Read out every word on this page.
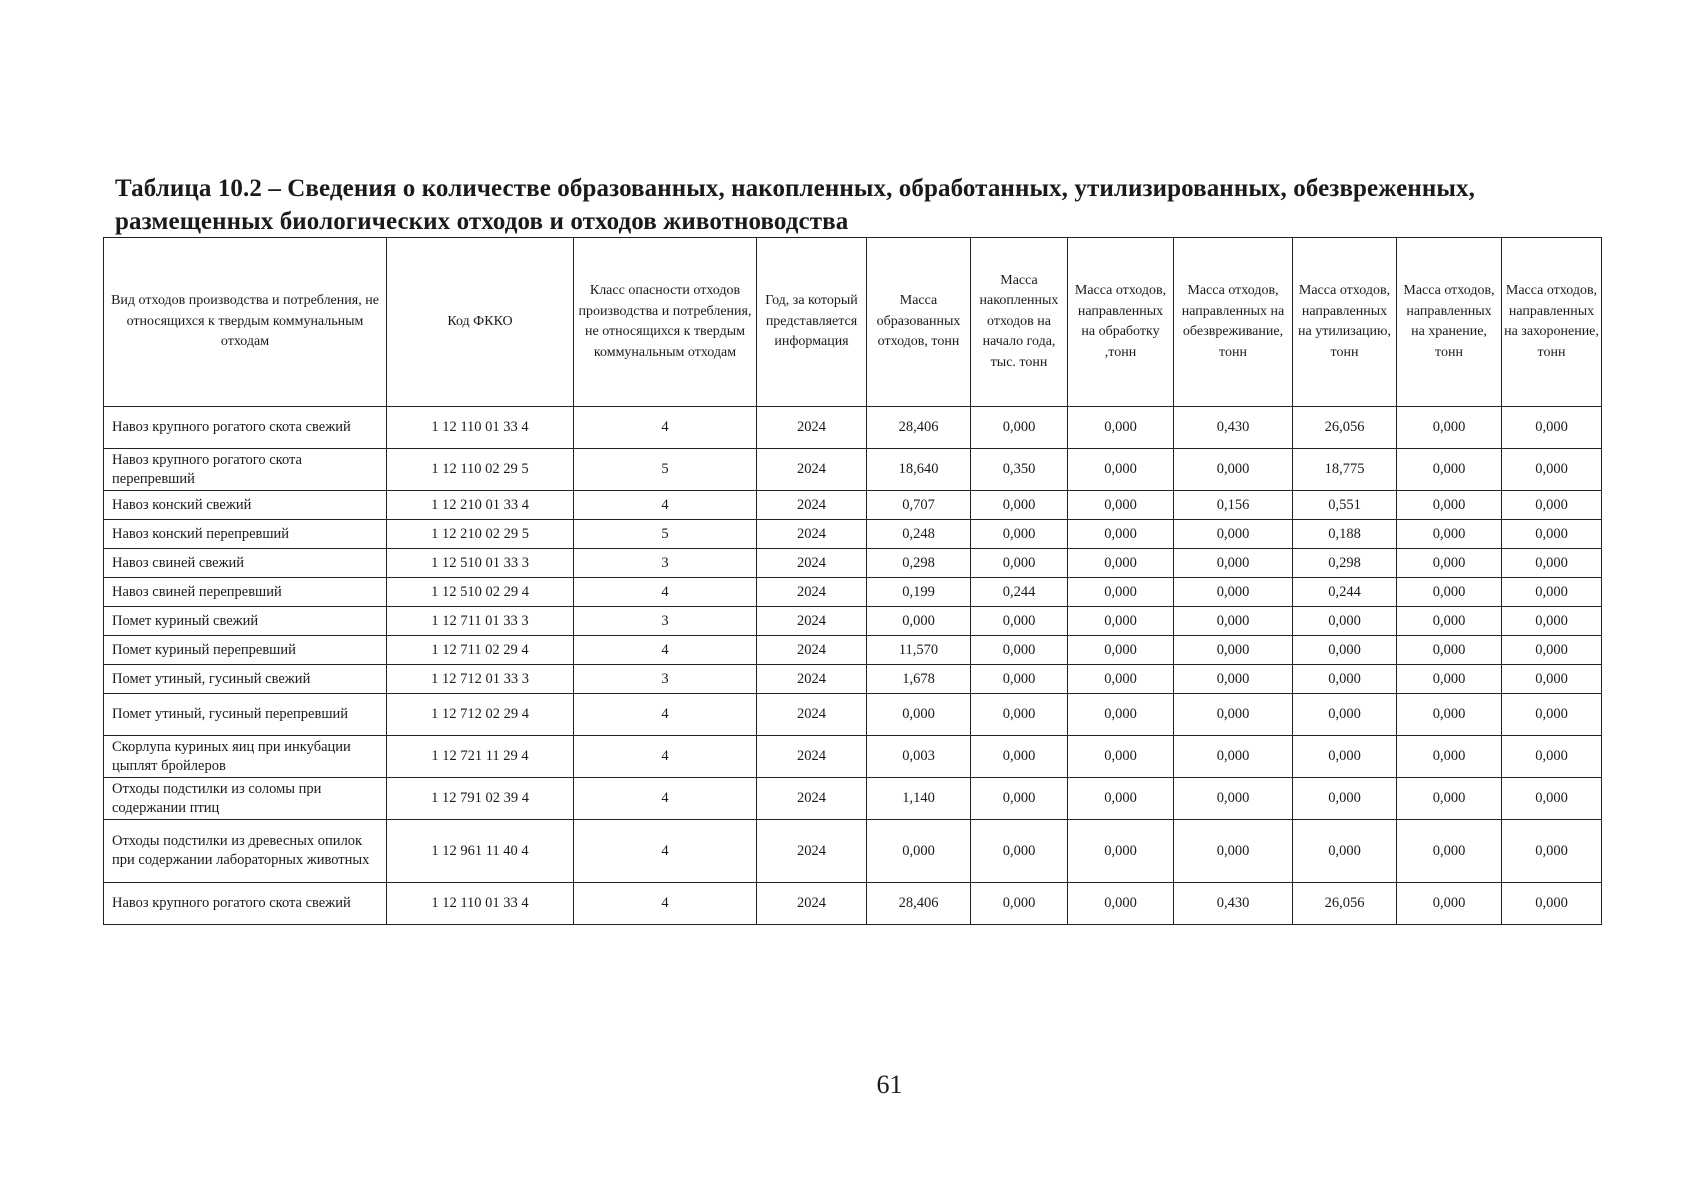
Таблица 10.2 – Сведения о количестве образованных, накопленных, обработанных, утилизированных, обезвреженных, размещенных биологических отходов и отходов животноводства
Вид отходов производства и потребления, не относящихся к твердым коммунальным отходам	Код ФККО	Класс опасности отходов производства и потребления, не относящихся к твердым коммунальным отходам	Год, за который представляется информация	Масса образованных отходов, тонн	Масса накопленных отходов на начало года, тыс. тонн	Масса отходов, направленных на обработку ,тонн	Масса отходов, направленных на обезвреживание, тонн	Масса отходов, направленных на утилизацию, тонн	Масса отходов, направленных на хранение, тонн	Масса отходов, направленных на захоронение, тонн
Навоз крупного рогатого скота свежий	1 12 110 01 33 4	4	2024	28,406	0,000	0,000	0,430	26,056	0,000	0,000
Навоз крупного рогатого скота перепревший	1 12 110 02 29 5	5	2024	18,640	0,350	0,000	0,000	18,775	0,000	0,000
Навоз конский свежий	1 12 210 01 33 4	4	2024	0,707	0,000	0,000	0,156	0,551	0,000	0,000
Навоз конский перепревший	1 12 210 02 29 5	5	2024	0,248	0,000	0,000	0,000	0,188	0,000	0,000
Навоз свиней свежий	1 12 510 01 33 3	3	2024	0,298	0,000	0,000	0,000	0,298	0,000	0,000
Навоз свиней перепревший	1 12 510 02 29 4	4	2024	0,199	0,244	0,000	0,000	0,244	0,000	0,000
Помет куриный свежий	1 12 711 01 33 3	3	2024	0,000	0,000	0,000	0,000	0,000	0,000	0,000
Помет куриный перепревший	1 12 711 02 29 4	4	2024	11,570	0,000	0,000	0,000	0,000	0,000	0,000
Помет утиный, гусиный свежий	1 12 712 01 33 3	3	2024	1,678	0,000	0,000	0,000	0,000	0,000	0,000
Помет утиный, гусиный перепревший	1 12 712 02 29 4	4	2024	0,000	0,000	0,000	0,000	0,000	0,000	0,000
Скорлупа куриных яиц при инкубации цыплят бройлеров	1 12 721 11 29 4	4	2024	0,003	0,000	0,000	0,000	0,000	0,000	0,000
Отходы подстилки из соломы при содержании птиц	1 12 791 02 39 4	4	2024	1,140	0,000	0,000	0,000	0,000	0,000	0,000
Отходы подстилки из древесных опилок при содержании лабораторных животных	1 12 961 11 40 4	4	2024	0,000	0,000	0,000	0,000	0,000	0,000	0,000
Навоз крупного рогатого скота свежий	1 12 110 01 33 4	4	2024	28,406	0,000	0,000	0,430	26,056	0,000	0,000
61
